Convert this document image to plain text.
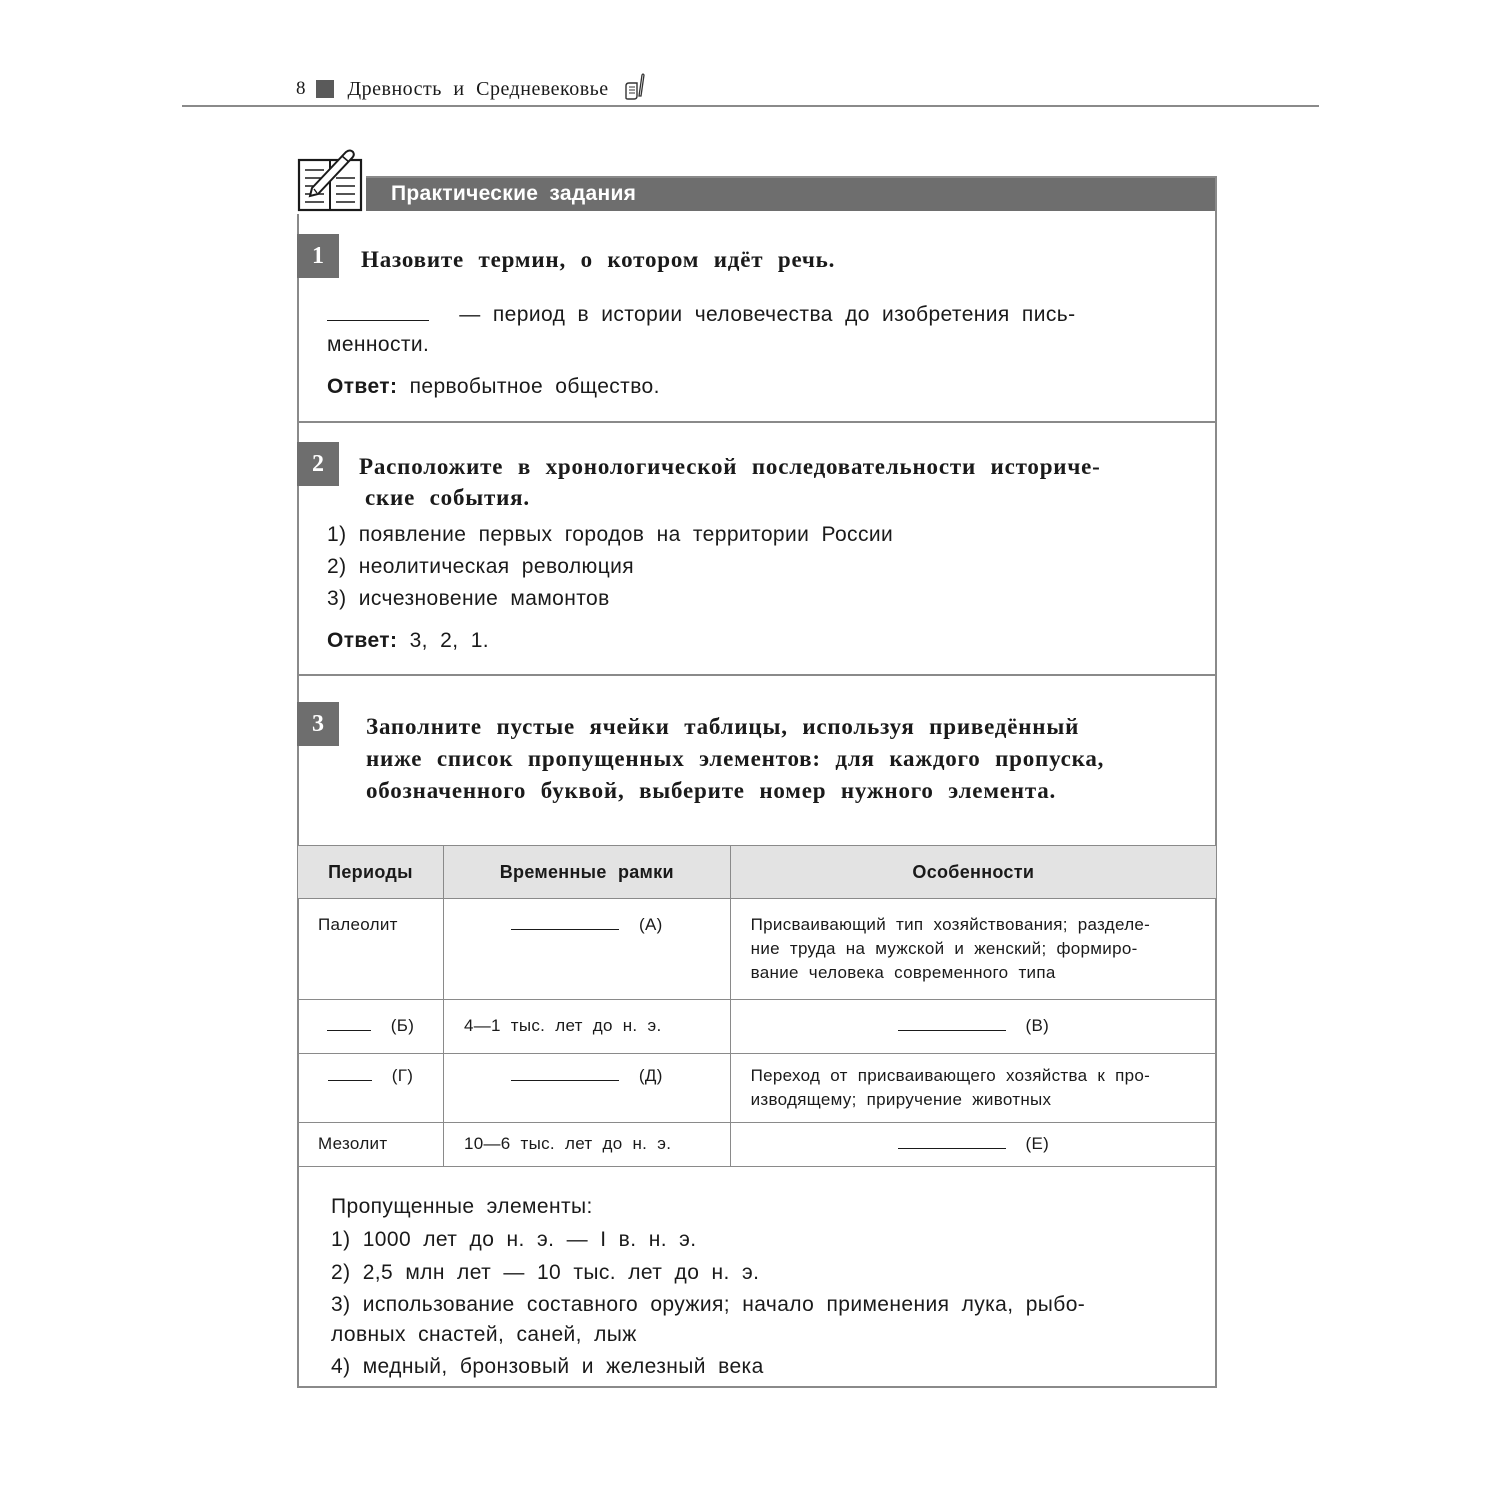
8 Древность и Средневековье
Практические задания
1	Назовите термин, о котором идёт речь.
— период в истории человечества до изобретения пись-
менности.
Ответ: первобытное общество.
2	Расположите в хронологической последовательности историче-
ские события.
1) появление первых городов на территории России
2) неолитическая революция
3) исчезновение мамонтов
Ответ: 3, 2, 1.
3	Заполните пустые ячейки таблицы, используя приведённый
ниже список пропущенных элементов: для каждого пропуска,
обозначенного буквой, выберите номер нужного элемента.
Периоды	Временные рамки	Особенности

Палеолит	(А)	Присваивающий тип хозяйствования; разделе-
ние труда на мужской и женский; формиро-
вание человека современного типа

(Б)	4—1 тыс. лет до н. э.	(В)

(Г)	(Д)	Переход от присваивающего хозяйства к про-
изводящему; приручение животных

Мезолит	10—6 тыс. лет до н. э.	(Е)
Пропущенные элементы:
1) 1000 лет до н. э. — I в. н. э.
2) 2,5 млн лет — 10 тыс. лет до н. э.
3) использование составного оружия; начало применения лука, рыбо-
ловных снастей, саней, лыж
4) медный, бронзовый и железный века
